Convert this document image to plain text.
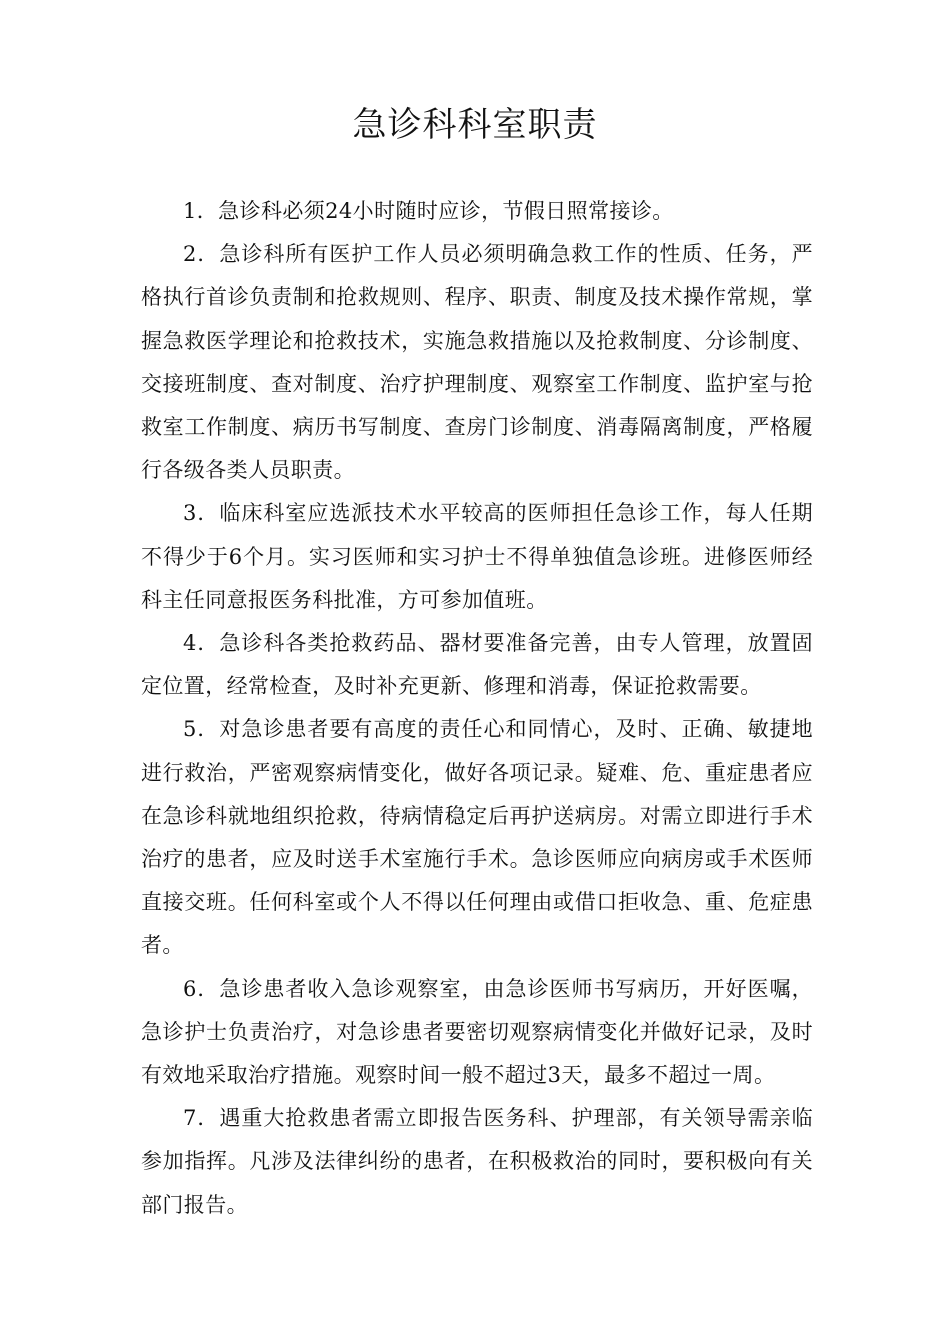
急诊科科室职责

1．急诊科必须24小时随时应诊，节假日照常接诊。

2．急诊科所有医护工作人员必须明确急救工作的性质、任务，严格执行首诊负责制和抢救规则、程序、职责、制度及技术操作常规，掌握急救医学理论和抢救技术，实施急救措施以及抢救制度、分诊制度、交接班制度、查对制度、治疗护理制度、观察室工作制度、监护室与抢救室工作制度、病历书写制度、查房门诊制度、消毒隔离制度，严格履行各级各类人员职责。

3．临床科室应选派技术水平较高的医师担任急诊工作，每人任期不得少于6个月。实习医师和实习护士不得单独值急诊班。进修医师经科主任同意报医务科批准，方可参加值班。

4．急诊科各类抢救药品、器材要准备完善，由专人管理，放置固定位置，经常检查，及时补充更新、修理和消毒，保证抢救需要。

5．对急诊患者要有高度的责任心和同情心，及时、正确、敏捷地进行救治，严密观察病情变化，做好各项记录。疑难、危、重症患者应在急诊科就地组织抢救，待病情稳定后再护送病房。对需立即进行手术治疗的患者，应及时送手术室施行手术。急诊医师应向病房或手术医师直接交班。任何科室或个人不得以任何理由或借口拒收急、重、危症患者。

6．急诊患者收入急诊观察室，由急诊医师书写病历，开好医嘱，急诊护士负责治疗，对急诊患者要密切观察病情变化并做好记录，及时有效地采取治疗措施。观察时间一般不超过3天，最多不超过一周。

7．遇重大抢救患者需立即报告医务科、护理部，有关领导需亲临参加指挥。凡涉及法律纠纷的患者，在积极救治的同时，要积极向有关部门报告。
